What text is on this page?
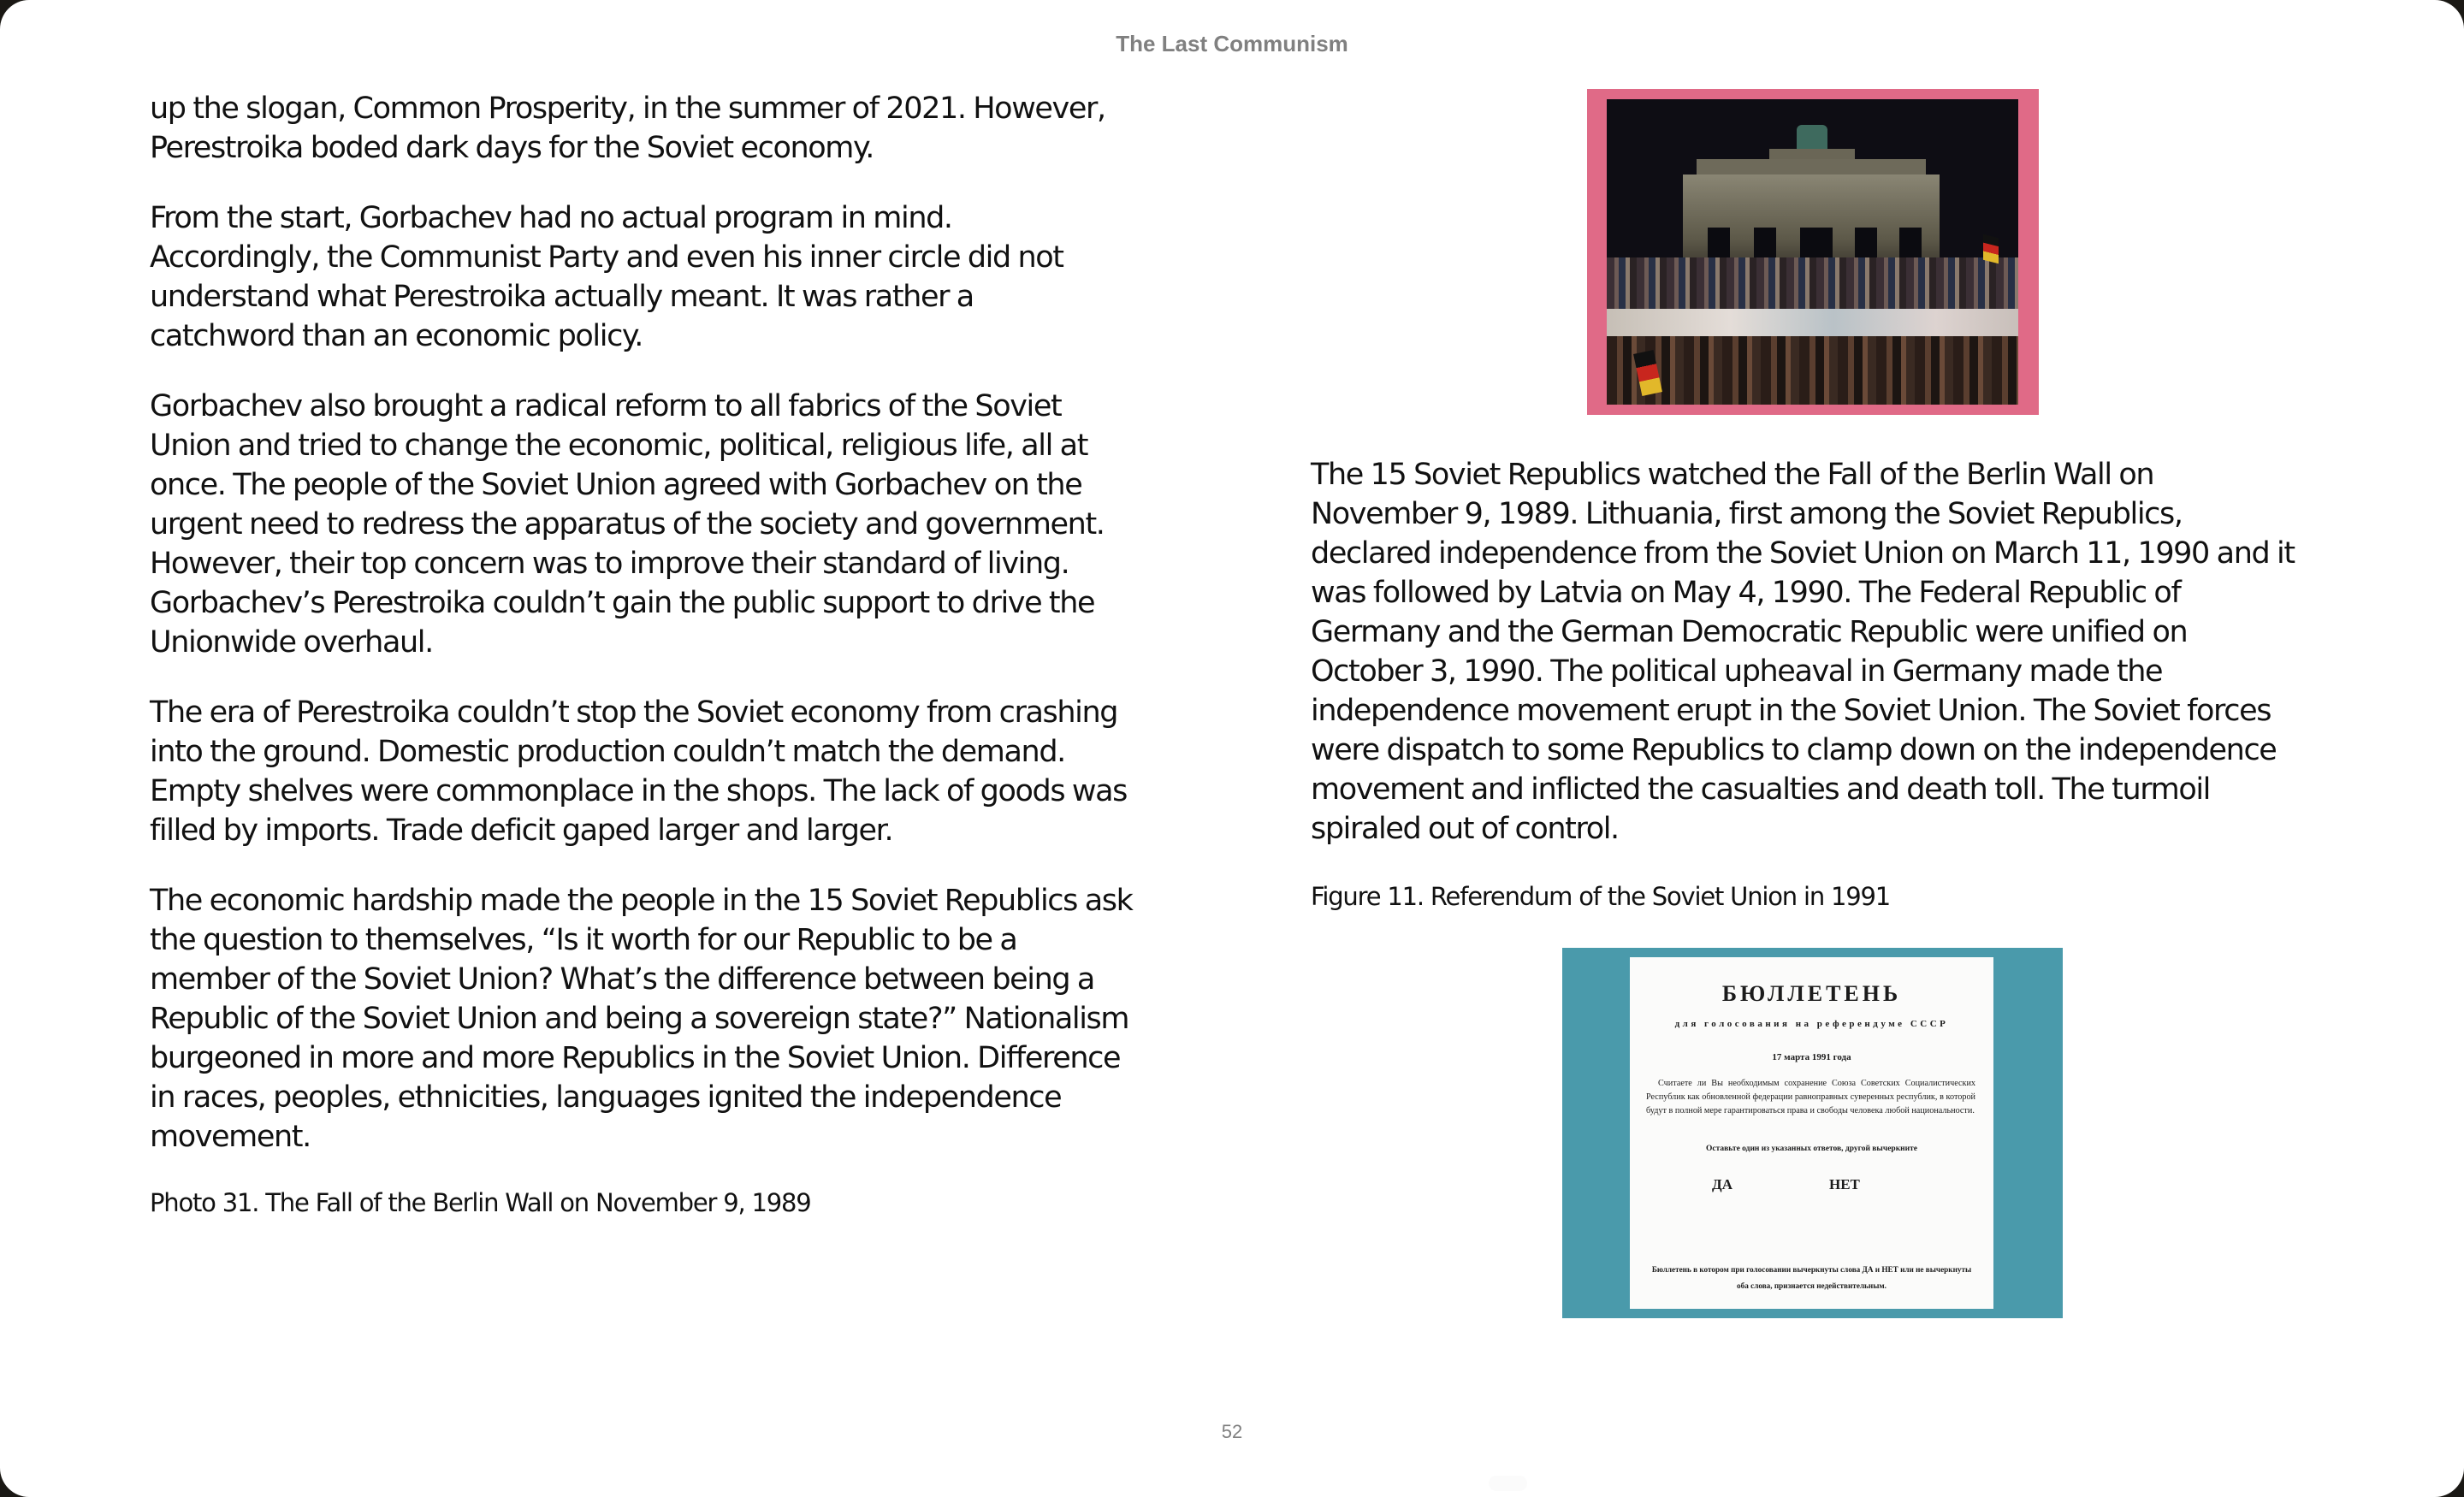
The Last Communism

up the slogan, Common Prosperity, in the summer of 2021. However,
Perestroika boded dark days for the Soviet economy.

From the start, Gorbachev had no actual program in mind.
Accordingly, the Communist Party and even his inner circle did not
understand what Perestroika actually meant. It was rather a
catchword than an economic policy.

Gorbachev also brought a radical reform to all fabrics of the Soviet
Union and tried to change the economic, political, religious life, all at
once. The people of the Soviet Union agreed with Gorbachev on the
urgent need to redress the apparatus of the society and government.
However, their top concern was to improve their standard of living.
Gorbachev’s Perestroika couldn’t gain the public support to drive the
Unionwide overhaul.

The era of Perestroika couldn’t stop the Soviet economy from crashing
into the ground. Domestic production couldn’t match the demand.
Empty shelves were commonplace in the shops. The lack of goods was
filled by imports. Trade deficit gaped larger and larger.

The economic hardship made the people in the 15 Soviet Republics ask
the question to themselves, “Is it worth for our Republic to be a
member of the Soviet Union? What’s the difference between being a
Republic of the Soviet Union and being a sovereign state?” Nationalism
burgeoned in more and more Republics in the Soviet Union. Difference
in races, peoples, ethnicities, languages ignited the independence
movement.

Photo 31. The Fall of the Berlin Wall on November 9, 1989

The 15 Soviet Republics watched the Fall of the Berlin Wall on
November 9, 1989. Lithuania, first among the Soviet Republics,
declared independence from the Soviet Union on March 11, 1990 and it
was followed by Latvia on May 4, 1990. The Federal Republic of
Germany and the German Democratic Republic were unified on
October 3, 1990. The political upheaval in Germany made the
independence movement erupt in the Soviet Union. The Soviet forces
were dispatch to some Republics to clamp down on the independence
movement and inflicted the casualties and death toll. The turmoil
spiraled out of control.

Figure 11. Referendum of the Soviet Union in 1991

БЮЛЛЕТЕНЬ
для голосования на референдуме СССР
17 марта 1991 года
Считаете ли Вы необходимым сохранение Союза Советских Социалистических Республик как обновленной федерации равноправных суверенных республик, в которой будут в полной мере гарантироваться права и свободы человека любой национальности.
Оставьте один из указанных ответов, другой вычеркните
ДА	НЕТ
Бюллетень в котором при голосовании вычеркнуты слова ДА и НЕТ или не вычеркнуты оба слова, признается недействительным.
52
